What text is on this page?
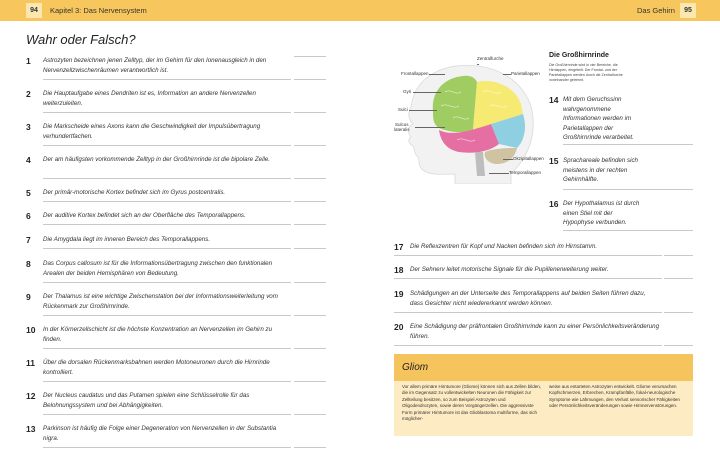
94	Kapitel 3: Das Nervensystem	Das Gehirn	95
Wahr oder Falsch?
1 Astrozyten bezeichnen jenen Zelltyp, der im Gehirn für den Ionenausgleich in den Nervenzellzwischenräumen verantwortlich ist.
2 Die Hauptaufgabe eines Dendriten ist es, Information an andere Nervenzellen weiterzuleiten.
3 Die Markscheide eines Axons kann die Geschwindigkeit der Impulsübertragung verhundertfachen.
4 Der am häufigsten vorkommende Zelltyp in der Großhirnrinde ist die bipolare Zelle.
5 Der primär-motorische Kortex befindet sich im Gyrus postcentralis.
6 Der auditive Kortex befindet sich an der Oberfläche des Temporallappens.
7 Die Amygdala liegt im inneren Bereich des Temporallappens.
8 Das Corpus callosum ist für die Informationsübertragung zwischen den funktionalen Arealen der beiden Hemisphären von Bedeutung.
9 Der Thalamus ist eine wichtige Zwischenstation bei der Informationsweiterleitung vom Rückenmark zur Großhirnrinde.
10 In der Körnerzellschicht ist die höchste Konzentration an Nervenzellen im Gehirn zu finden.
11 Über die dorsalen Rückenmarksbahnen werden Motoneuronen durch die Hirnrinde kontrolliert.
12 Der Nucleus caudatus und das Putamen spielen eine Schlüsselrolle für das Belohnungssystem und bei Abhängigkeiten.
13 Parkinson ist häufig die Folge einer Degeneration von Nervenzellen in der Substantia nigra.
Zentralfurche
Frontallappen	Parietallappen
Gyri
Sulci
Sulcus
lateralis
Okzipitallappen
Temporallappen
Die Großhirnrinde
Die Großhirnrinde wird in vier Bereiche, die Hirnlappen, eingeteilt. Der Frontal- und der Parietallappen werden durch die Zentralfurche voneinander getrennt.
14 Mit dem Geruchssinn wahrgenommene Informationen werden im Parietallappen der Großhirnrinde verarbeitet.
15 Sprachareale befinden sich meistens in der rechten Gehirnhälfte.
16 Der Hypothalamus ist durch einen Stiel mit der Hypophyse verbunden.
17 Die Reflexzentren für Kopf und Nacken befinden sich im Hirnstamm.
18 Der Sehnerv leitet motorische Signale für die Pupillenerweiterung weiter.
19 Schädigungen an der Unterseite des Temporallappens auf beiden Seiten führen dazu, dass Gesichter nicht wiedererkannt werden können.
20 Eine Schädigung der präfrontalen Großhirnrinde kann zu einer Persönlichkeitsveränderung führen.
Gliom
Vor allem primäre Hirntumore (Gliome) können sich aus Zellen bilden, die im Gegensatz zu vollentwickelten Neuronen die Fähigkeit zur Zellteilung besitzen, so zum Beispiel Astrozyten und Oligodendrozyten, sowie deren Vorgängerzellen. Die aggressivste Form primärer Hirntumore ist das Glioblastoma multiforme, das sich möglicher-
weise aus entarteten Astrozyten entwickelt. Gliome verursachen Kopfschmerzen, Erbrechen, Krampfanfälle, fokal-neurologische Symptome wie Lähmungen, den Verlust sensorischer Fähigkeiten oder Persönlichkeitsveränderungen sowie Hirnnervenstörungen.
